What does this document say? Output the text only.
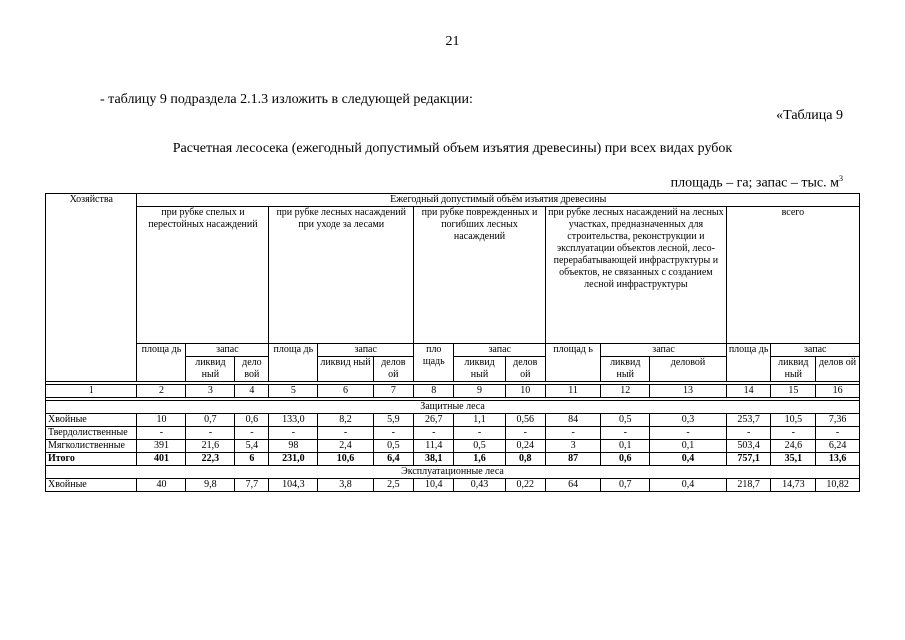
21
- таблицу 9 подраздела 2.1.3 изложить в следующей редакции:
«Таблица 9
Расчетная лесосека (ежегодный допустимый объем изъятия древесины) при всех видах рубок
площадь – га; запас – тыс. $м^3$
Хозяйства	Ежегодный допустимый объём изъятия древесины														
	при рубке спелых и перестойных насаждений			при рубке лесных насаждений при уходе за лесами			при рубке поврежденных и погибших лесных насаждений			при рубке лесных насаждений на лесных участках, предназначенных для строительства, реконструкции и эксплуатации объектов лесной, лесо-перерабатывающей инфраструктуры и объектов, не связанных с созданием лесной инфраструктуры			всего		
	площа дь	запас		площа дь	запас		пло щадь	запас		площад ь	запас		площа дь	запас	
		ликвид ный	дело вой		ликвид ный	делов ой		ликвид ный	делов ой		ликвид ный	деловой		ликвид ный	делов ой

1	2	3	4	5	6	7	8	9	10	11	12	13	14	15	16

Защитные леса															
Хвойные	10	0,7	0,6	133,0	8,2	5,9	26,7	1,1	0,56	84	0,5	0,3	253,7	10,5	7,36
Твердолиственные	-	-	-	-	-	-	-	-	-	-	-	-	-	-	-
Мягколиственные	391	21,6	5,4	98	2,4	0,5	11,4	0,5	0,24	3	0,1	0,1	503,4	24,6	6,24
Итого	401	22,3	6	231,0	10,6	6,4	38,1	1,6	0,8	87	0,6	0,4	757,1	35,1	13,6
Эксплуатационные леса															
Хвойные	40	9,8	7,7	104,3	3,8	2,5	10,4	0,43	0,22	64	0,7	0,4	218,7	14,73	10,82
